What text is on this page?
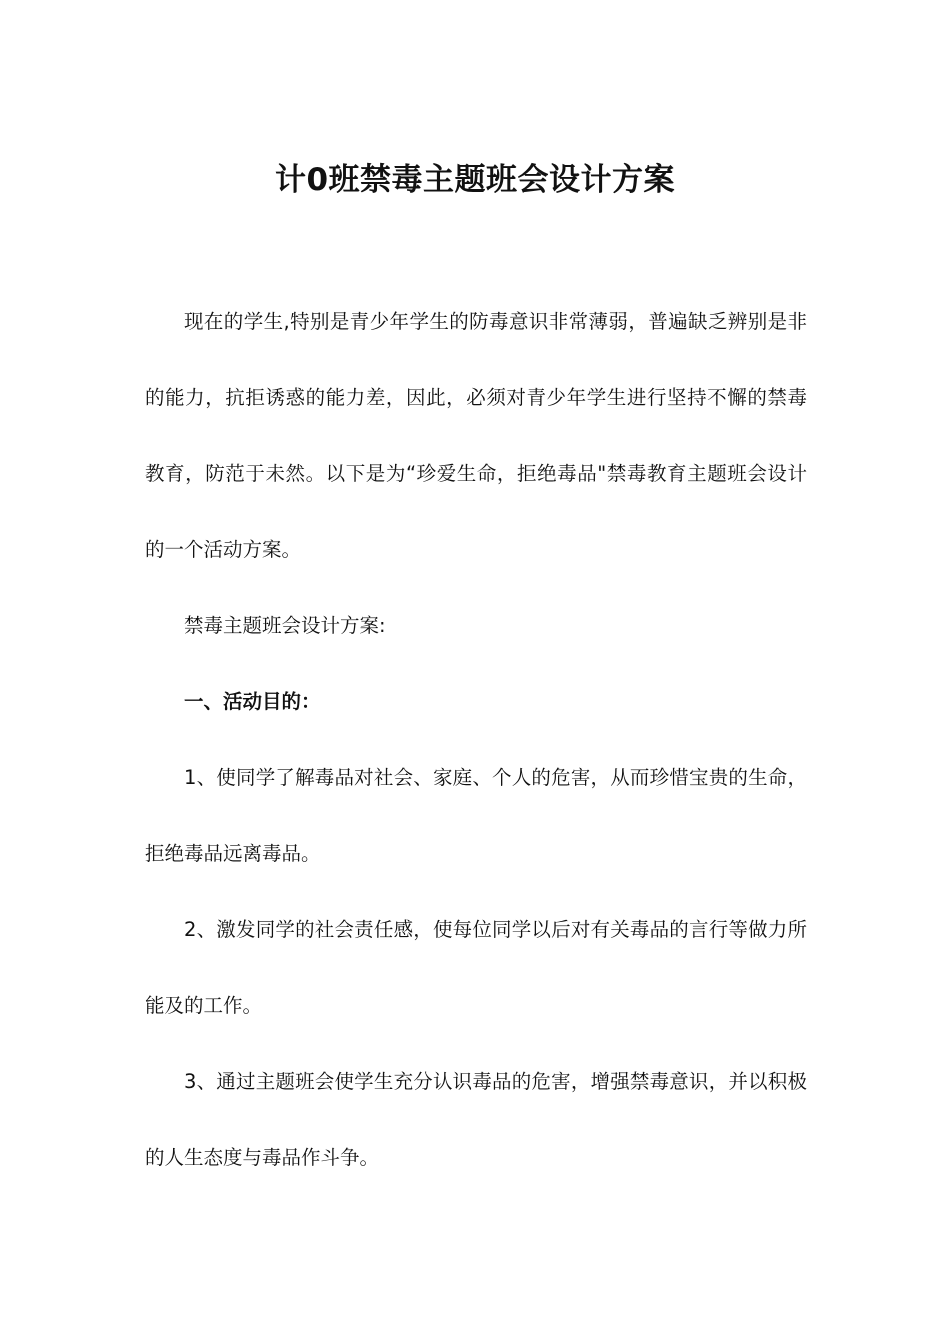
计0班禁毒主题班会设计方案

现在的学生,特别是青少年学生的防毒意识非常薄弱，普遍缺乏辨别是非的能力，抗拒诱惑的能力差，因此，必须对青少年学生进行坚持不懈的禁毒教育，防范于未然。以下是为“珍爱生命，拒绝毒品"禁毒教育主题班会设计的一个活动方案。

禁毒主题班会设计方案:

一、活动目的：

1、使同学了解毒品对社会、家庭、个人的危害，从而珍惜宝贵的生命，拒绝毒品远离毒品。

2、激发同学的社会责任感，使每位同学以后对有关毒品的言行等做力所能及的工作。

3、通过主题班会使学生充分认识毒品的危害，增强禁毒意识，并以积极的人生态度与毒品作斗争。
